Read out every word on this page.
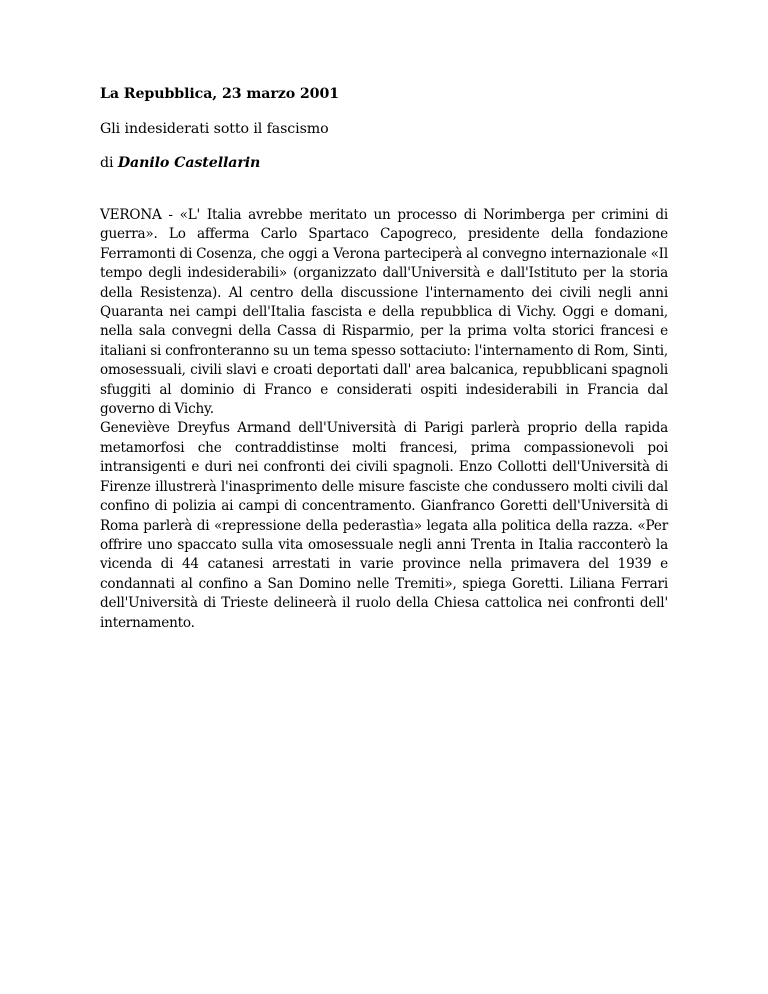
La Repubblica, 23 marzo 2001

Gli indesiderati sotto il fascismo

di Danilo Castellarin

VERONA - «L' Italia avrebbe meritato un processo di Norimberga per crimini di guerra». Lo afferma Carlo Spartaco Capogreco, presidente della fondazione Ferramonti di Cosenza, che oggi a Verona parteciperà al convegno internazionale «Il tempo degli indesiderabili» (organizzato dall'Università e dall'Istituto per la storia della Resistenza). Al centro della discussione l'internamento dei civili negli anni Quaranta nei campi dell'Italia fascista e della repubblica di Vichy. Oggi e domani, nella sala convegni della Cassa di Risparmio, per la prima volta storici francesi e italiani si confronteranno su un tema spesso sottaciuto: l'internamento di Rom, Sinti, omosessuali, civili slavi e croati deportati dall' area balcanica, repubblicani spagnoli sfuggiti al dominio di Franco e considerati ospiti indesiderabili in Francia dal governo di Vichy.

Geneviève Dreyfus Armand dell'Università di Parigi parlerà proprio della rapida metamorfosi che contraddistinse molti francesi, prima compassionevoli poi intransigenti e duri nei confronti dei civili spagnoli. Enzo Collotti dell'Università di Firenze illustrerà l'inasprimento delle misure fasciste che condussero molti civili dal confino di polizia ai campi di concentramento. Gianfranco Goretti dell'Università di Roma parlerà di «repressione della pederastìa» legata alla politica della razza. «Per offrire uno spaccato sulla vita omosessuale negli anni Trenta in Italia racconterò la vicenda di 44 catanesi arrestati in varie province nella primavera del 1939 e condannati al confino a San Domino nelle Tremiti», spiega Goretti. Liliana Ferrari dell'Università di Trieste delineerà il ruolo della Chiesa cattolica nei confronti dell' internamento.
